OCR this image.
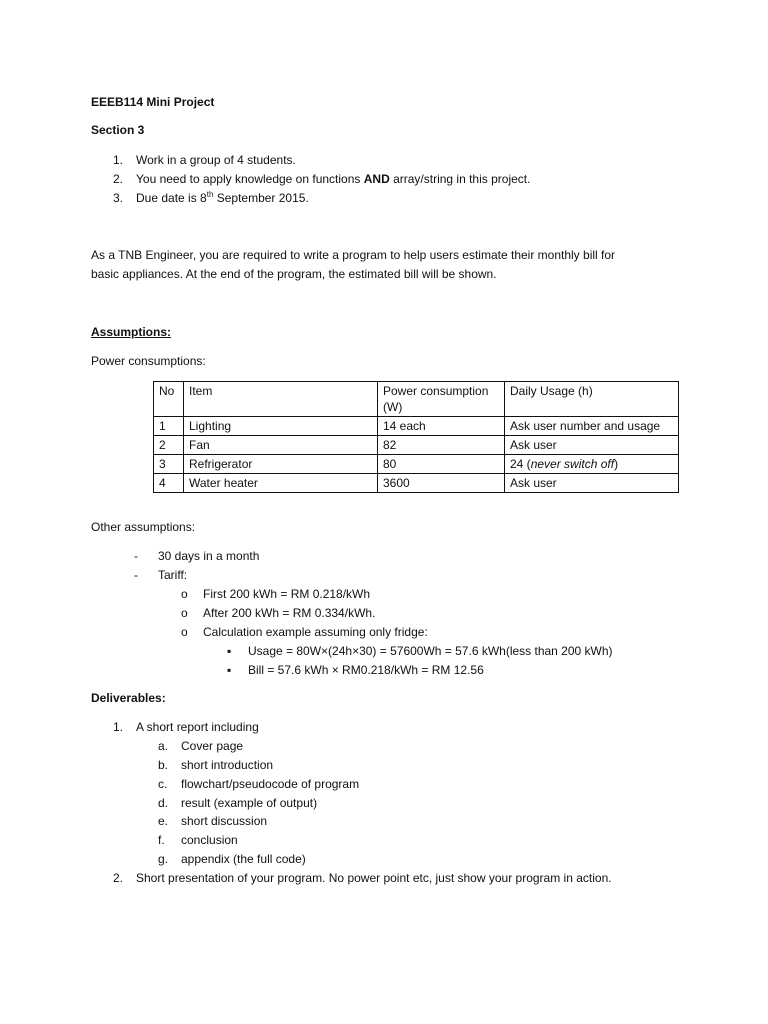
EEEB114 Mini Project
Section 3
1. Work in a group of 4 students.
2. You need to apply knowledge on functions AND array/string in this project.
3. Due date is 8th September 2015.
As a TNB Engineer, you are required to write a program to help users estimate their monthly bill for
basic appliances. At the end of the program, the estimated bill will be shown.
Assumptions:
Power consumptions:
No	Item	Power consumption (W)	Daily Usage (h)
1	Lighting	14 each	Ask user number and usage
2	Fan	82	Ask user
3	Refrigerator	80	24 (never switch off)
4	Water heater	3600	Ask user
Other assumptions:
- 30 days in a month
- Tariff:
o First 200 kWh = RM 0.218/kWh
o After 200 kWh = RM 0.334/kWh.
o Calculation example assuming only fridge:
▪ Usage = 80W×(24h×30) = 57600Wh = 57.6 kWh(less than 200 kWh)
▪ Bill = 57.6 kWh × RM0.218/kWh = RM 12.56
Deliverables:
1. A short report including
a. Cover page
b. short introduction
c. flowchart/pseudocode of program
d. result (example of output)
e. short discussion
f. conclusion
g. appendix (the full code)
2. Short presentation of your program. No power point etc, just show your program in action.
